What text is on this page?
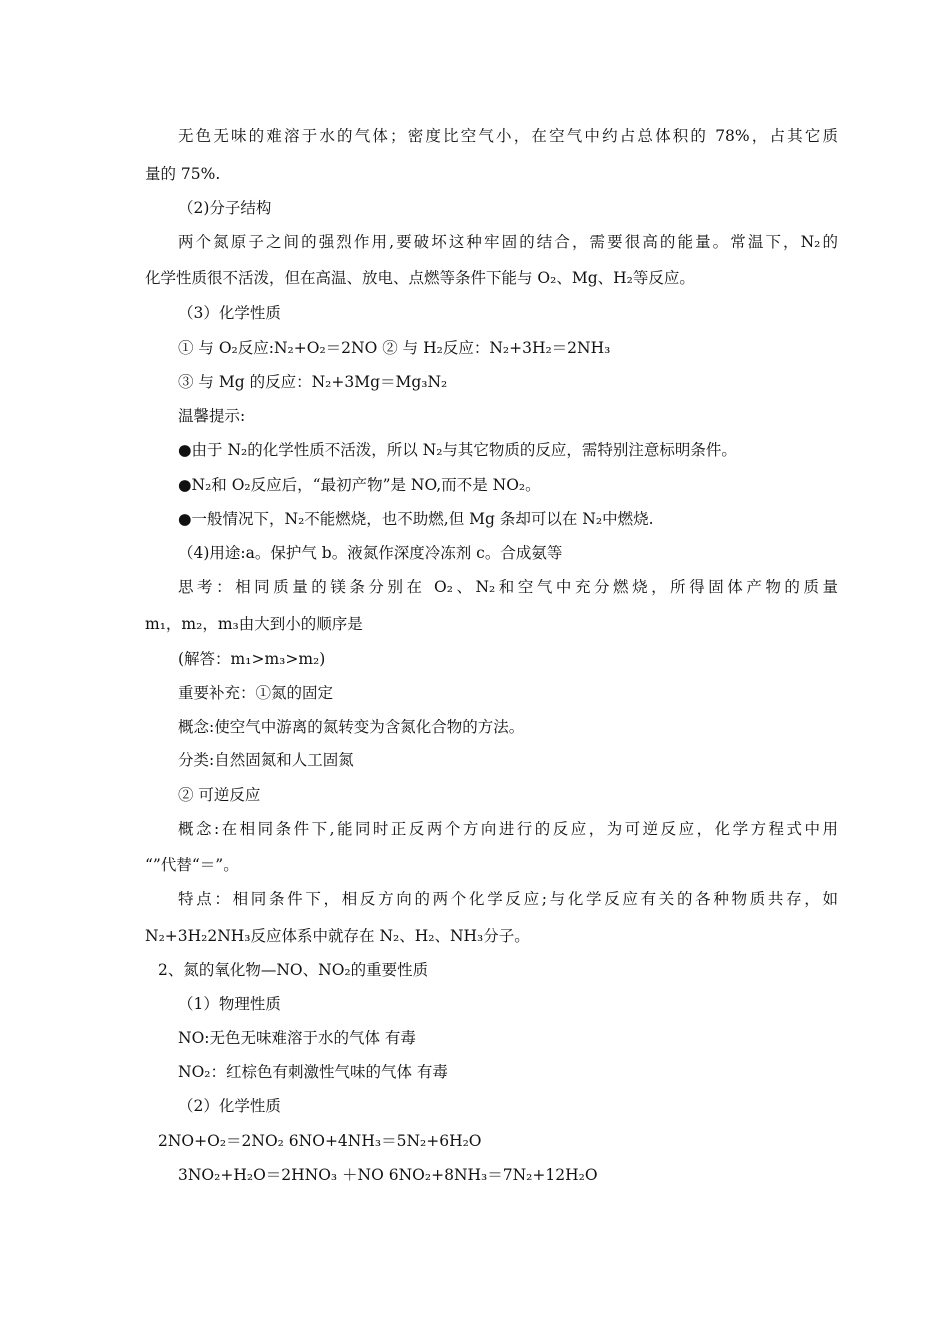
无色无味的难溶于水的气体；密度比空气小，在空气中约占总体积的 78%，占其它质
量的 75%.
（2)分子结构
两个氮原子之间的强烈作用,要破坏这种牢固的结合，需要很高的能量。常温下，N₂的
化学性质很不活泼，但在高温、放电、点燃等条件下能与 O₂、Mg、H₂等反应。
（3）化学性质
① 与 O₂反应:N₂+O₂＝2NO ② 与 H₂反应：N₂+3H₂＝2NH₃
③ 与 Mg 的反应：N₂+3Mg＝Mg₃N₂
温馨提示:
●由于 N₂的化学性质不活泼，所以 N₂与其它物质的反应，需特别注意标明条件。
●N₂和 O₂反应后，“最初产物”是 NO,而不是 NO₂。
●一般情况下，N₂不能燃烧，也不助燃,但 Mg 条却可以在 N₂中燃烧.
（4)用途:a。保护气 b。液氮作深度冷冻剂 c。合成氨等
思考：相同质量的镁条分别在 O₂、N₂和空气中充分燃烧，所得固体产物的质量
m₁，m₂，m₃由大到小的顺序是
(解答：m₁>m₃>m₂)
重要补充：①氮的固定
概念:使空气中游离的氮转变为含氮化合物的方法。
分类:自然固氮和人工固氮
② 可逆反应
概念:在相同条件下,能同时正反两个方向进行的反应，为可逆反应，化学方程式中用
“”代替“＝”。
特点：相同条件下，相反方向的两个化学反应;与化学反应有关的各种物质共存，如
N₂+3H₂2NH₃反应体系中就存在 N₂、H₂、NH₃分子。
2、氮的氧化物—NO、NO₂的重要性质
（1）物理性质
NO:无色无味难溶于水的气体 有毒
NO₂：红棕色有刺激性气味的气体 有毒
（2）化学性质
2NO+O₂＝2NO₂ 6NO+4NH₃＝5N₂+6H₂O
3NO₂+H₂O＝2HNO₃ ＋NO 6NO₂+8NH₃＝7N₂+12H₂O
